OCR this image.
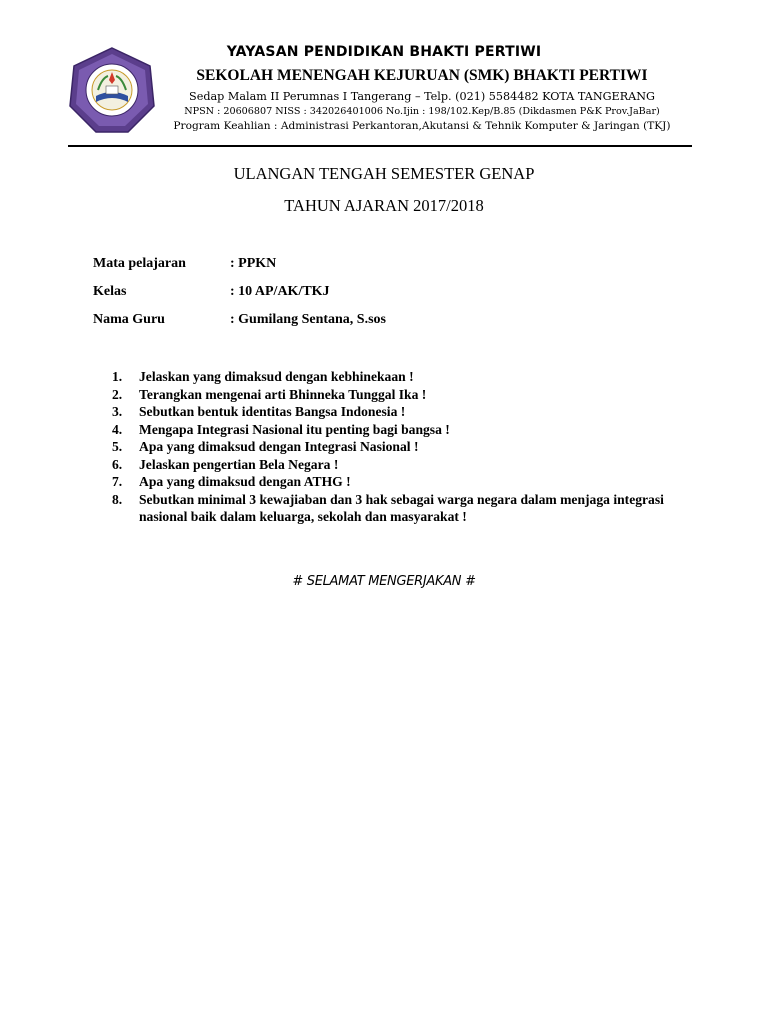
YAYASAN PENDIDIKAN BHAKTI PERTIWI
SEKOLAH MENENGAH KEJURUAN (SMK) BHAKTI PERTIWI
Sedap Malam II Perumnas I Tangerang – Telp. (021) 5584482 KOTA TANGERANG
NPSN : 20606807 NISS : 342026401006 No.Ijin : 198/102.Kep/B.85 (Dikdasmen P&K Prov.JaBar)
Program Keahlian : Administrasi Perkantoran,Akutansi & Tehnik Komputer & Jaringan (TKJ)
ULANGAN TENGAH SEMESTER GENAP
TAHUN AJARAN 2017/2018
Mata pelajaran	: PPKN
Kelas	: 10 AP/AK/TKJ
Nama Guru	: Gumilang Sentana, S.sos
1. Jelaskan yang dimaksud dengan kebhinekaan !
2. Terangkan mengenai arti Bhinneka Tunggal Ika !
3. Sebutkan bentuk identitas Bangsa Indonesia !
4. Mengapa Integrasi Nasional itu penting bagi bangsa !
5. Apa yang dimaksud dengan Integrasi Nasional !
6. Jelaskan pengertian Bela Negara !
7. Apa yang dimaksud dengan ATHG !
8. Sebutkan minimal 3 kewajiaban dan 3 hak sebagai warga negara dalam menjaga integrasi nasional baik dalam keluarga, sekolah dan masyarakat !
# SELAMAT MENGERJAKAN #
